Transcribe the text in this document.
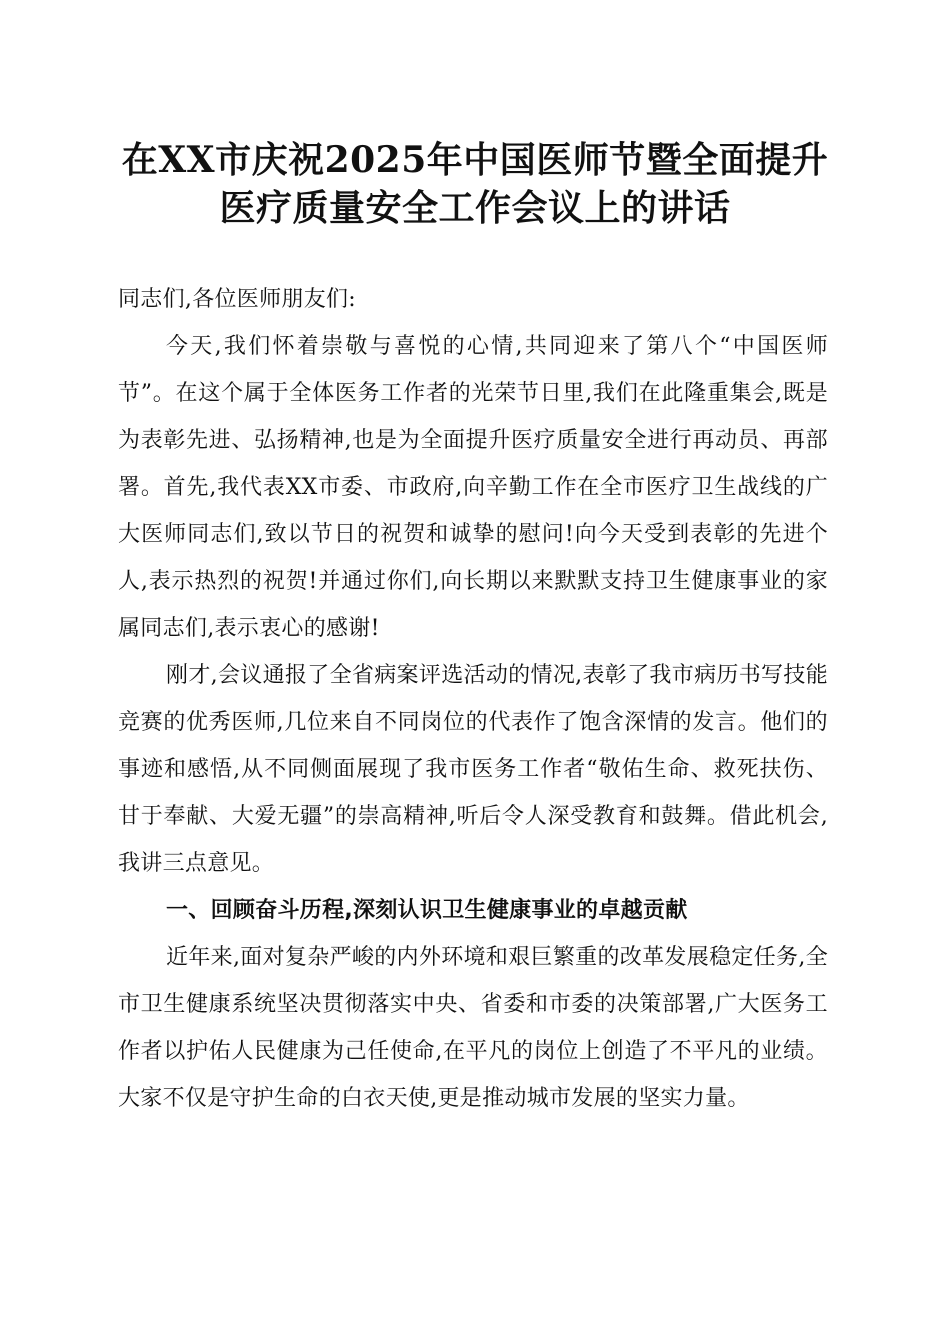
在XX市庆祝2025年中国医师节暨全面提升
医疗质量安全工作会议上的讲话

同志们,各位医师朋友们:

今天,我们怀着崇敬与喜悦的心情,共同迎来了第八个“中国医师节”。在这个属于全体医务工作者的光荣节日里,我们在此隆重集会,既是为表彰先进、弘扬精神,也是为全面提升医疗质量安全进行再动员、再部署。首先,我代表XX市委、市政府,向辛勤工作在全市医疗卫生战线的广大医师同志们,致以节日的祝贺和诚挚的慰问!向今天受到表彰的先进个人,表示热烈的祝贺!并通过你们,向长期以来默默支持卫生健康事业的家属同志们,表示衷心的感谢!

刚才,会议通报了全省病案评选活动的情况,表彰了我市病历书写技能竞赛的优秀医师,几位来自不同岗位的代表作了饱含深情的发言。他们的事迹和感悟,从不同侧面展现了我市医务工作者“敬佑生命、救死扶伤、甘于奉献、大爱无疆”的崇高精神,听后令人深受教育和鼓舞。借此机会,我讲三点意见。

一、回顾奋斗历程,深刻认识卫生健康事业的卓越贡献

近年来,面对复杂严峻的内外环境和艰巨繁重的改革发展稳定任务,全市卫生健康系统坚决贯彻落实中央、省委和市委的决策部署,广大医务工作者以护佑人民健康为己任使命,在平凡的岗位上创造了不平凡的业绩。大家不仅是守护生命的白衣天使,更是推动城市发展的坚实力量。
